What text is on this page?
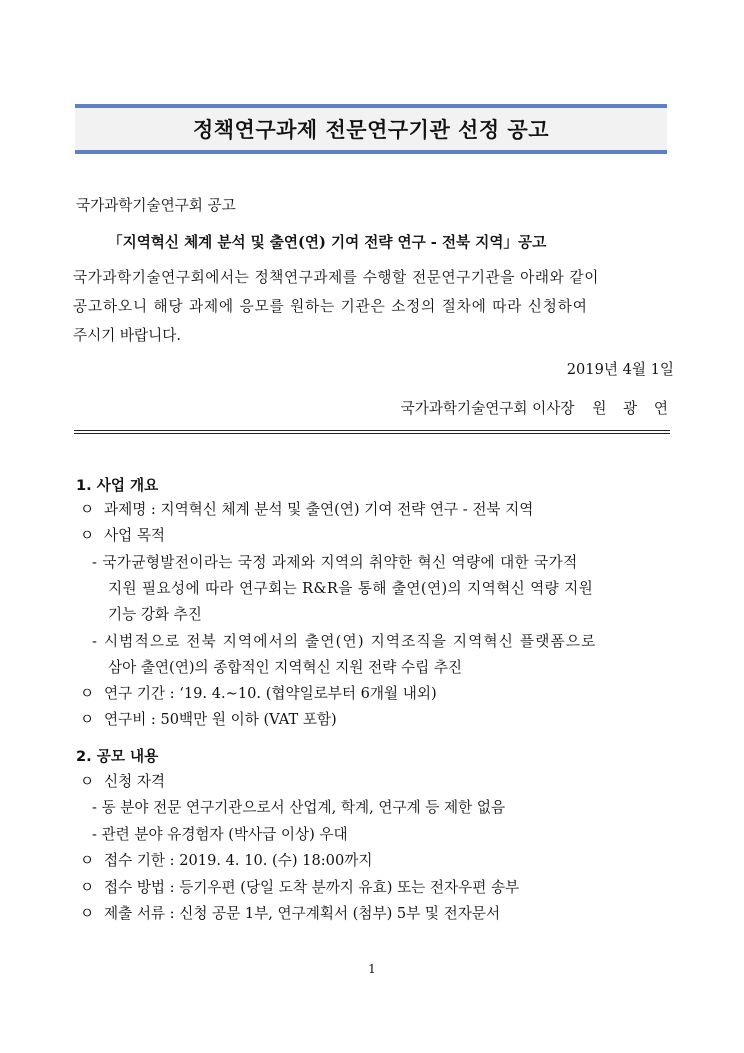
정책연구과제 전문연구기관 선정 공고
국가과학기술연구회 공고
「지역혁신 체계 분석 및 출연(연) 기여 전략 연구 - 전북 지역」공고
국가과학기술연구회에서는 정책연구과제를 수행할 전문연구기관을 아래와 같이
공고하오니 해당 과제에 응모를 원하는 기관은 소정의 절차에 따라 신청하여
주시기 바랍니다.
2019년 4월 1일
국가과학기술연구회 이사장 원 광 연
1. 사업 개요
ㅇ 과제명 : 지역혁신 체계 분석 및 출연(연) 기여 전략 연구 - 전북 지역
ㅇ 사업 목적
- 국가균형발전이라는 국정 과제와 지역의 취약한 혁신 역량에 대한 국가적
지원 필요성에 따라 연구회는 R&R을 통해 출연(연)의 지역혁신 역량 지원
기능 강화 추진
- 시범적으로 전북 지역에서의 출연(연) 지역조직을 지역혁신 플랫폼으로
삼아 출연(연)의 종합적인 지역혁신 지원 전략 수립 추진
ㅇ 연구 기간 : ‘19. 4.∼10. (협약일로부터 6개월 내외)
ㅇ 연구비 : 50백만 원 이하 (VAT 포함)
2. 공모 내용
ㅇ 신청 자격
- 동 분야 전문 연구기관으로서 산업계, 학계, 연구계 등 제한 없음
- 관련 분야 유경험자 (박사급 이상) 우대
ㅇ 접수 기한 : 2019. 4. 10. (수) 18:00까지
ㅇ 접수 방법 : 등기우편 (당일 도착 분까지 유효) 또는 전자우편 송부
ㅇ 제출 서류 : 신청 공문 1부, 연구계획서 (첨부) 5부 및 전자문서
1
